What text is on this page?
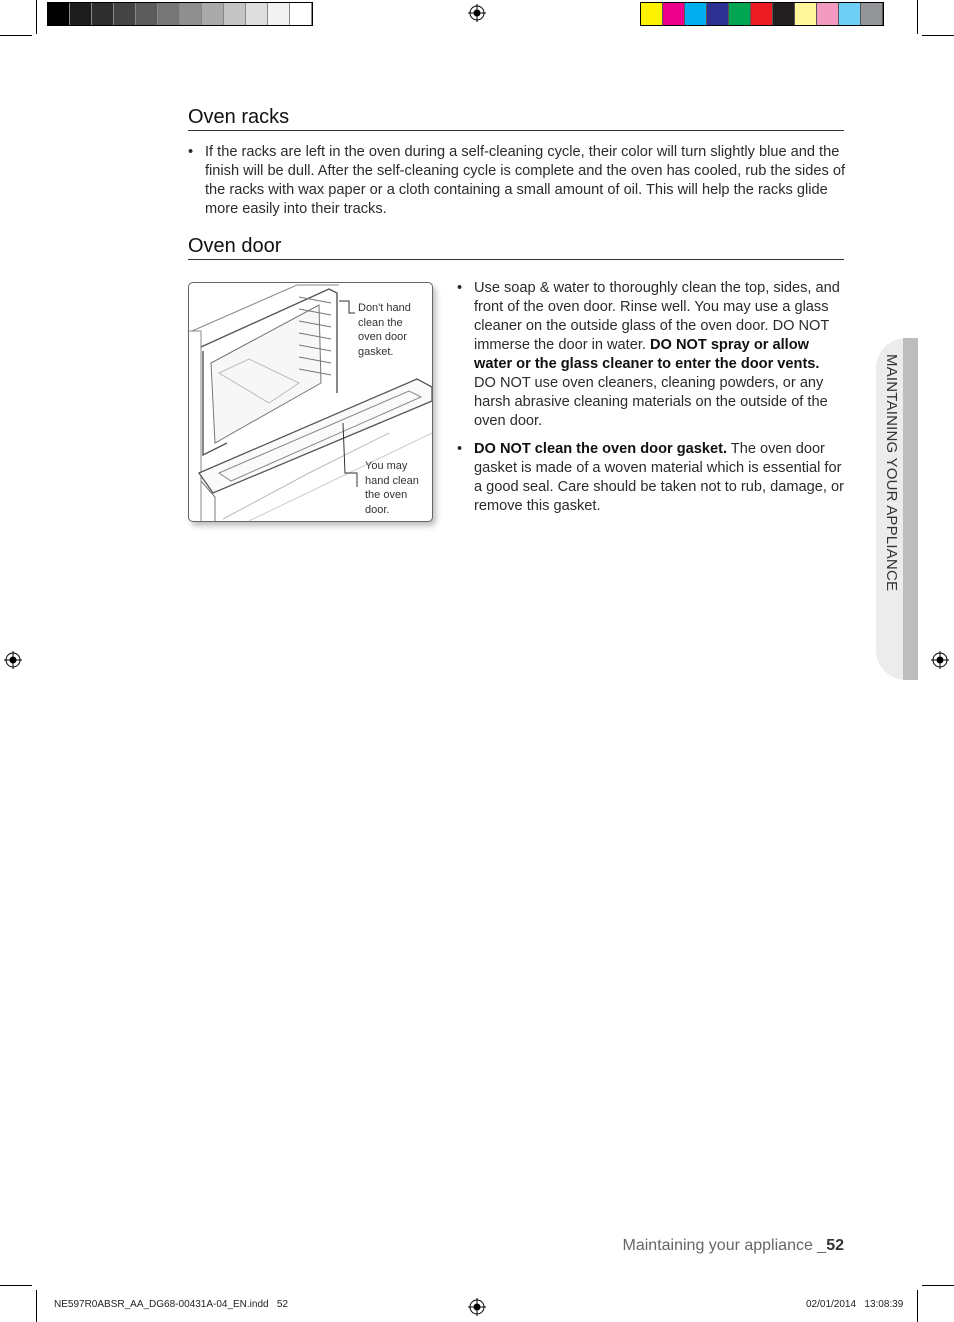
Oven racks
• If the racks are left in the oven during a self-cleaning cycle, their color will turn slightly blue and the finish will be dull. After the self-cleaning cycle is complete and the oven has cooled, rub the sides of the racks with wax paper or a cloth containing a small amount of oil. This will help the racks glide more easily into their tracks.
Oven door
Don't hand clean the oven door gasket.
You may hand clean the oven door.
• Use soap & water to thoroughly clean the top, sides, and front of the oven door. Rinse well. You may use a glass cleaner on the outside glass of the oven door. DO NOT immerse the door in water. DO NOT spray or allow water or the glass cleaner to enter the door vents. DO NOT use oven cleaners, cleaning powders, or any harsh abrasive cleaning materials on the outside of the oven door.
• DO NOT clean the oven door gasket. The oven door gasket is made of a woven material which is essential for a good seal. Care should be taken not to rub, damage, or remove this gasket.	MAINTAINING YOUR APPLIANCE
Maintaining your appliance _52
NE597R0ABSR_AA_DG68-00431A-04_EN.indd   52	02/01/2014   13:08:39
